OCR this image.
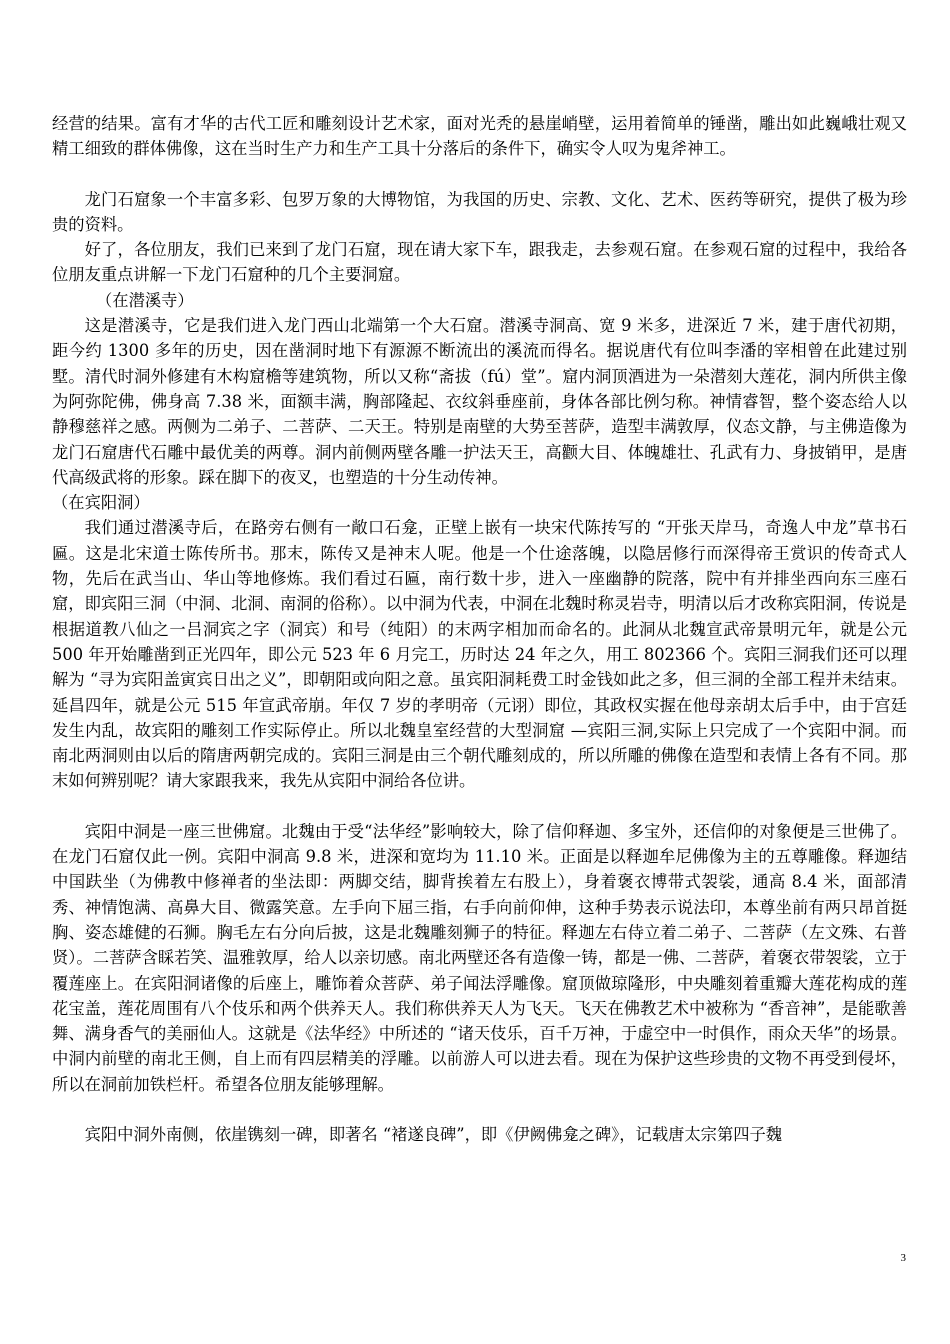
经营的结果。富有才华的古代工匠和雕刻设计艺术家，面对光秃的悬崖峭壁，运用着简单的锤凿，雕出如此巍峨壮观又精工细致的群体佛像，这在当时生产力和生产工具十分落后的条件下，确实令人叹为鬼斧神工。

龙门石窟象一个丰富多彩、包罗万象的大博物馆，为我国的历史、宗教、文化、艺术、医药等研究，提供了极为珍贵的资料。

好了，各位朋友，我们已来到了龙门石窟，现在请大家下车，跟我走，去参观石窟。在参观石窟的过程中，我给各位朋友重点讲解一下龙门石窟种的几个主要洞窟。

（在潜溪寺）

这是潜溪寺，它是我们进入龙门西山北端第一个大石窟。潜溪寺洞高、宽 9 米多，进深近 7 米，建于唐代初期，距今约 1300 多年的历史，因在凿洞时地下有源源不断流出的溪流而得名。据说唐代有位叫李潘的宰相曾在此建过别墅。清代时洞外修建有木构窟檐等建筑物，所以又称“斋拔（fú）堂”。窟内洞顶酒进为一朵潜刻大莲花，洞内所供主像为阿弥陀佛，佛身高 7.38 米，面额丰满，胸部隆起、衣纹斜垂座前，身体各部比例匀称。神情睿智，整个姿态给人以静穆慈祥之感。两侧为二弟子、二菩萨、二天王。特别是南壁的大势至菩萨，造型丰满敦厚，仪态文静，与主佛造像为龙门石窟唐代石雕中最优美的两尊。洞内前侧两壁各雕一护法天王，高颧大目、体魄雄壮、孔武有力、身披销甲，是唐代高级武将的形象。踩在脚下的夜叉，也塑造的十分生动传神。

（在宾阳洞）

我们通过潜溪寺后，在路旁右侧有一敞口石龛，正壁上嵌有一块宋代陈抟写的 “开张天岸马，奇逸人中龙”草书石匾。这是北宋道士陈传所书。那末，陈传又是神末人呢。他是一个仕途落魄，以隐居修行而深得帝王赏识的传奇式人物，先后在武当山、华山等地修炼。我们看过石匾，南行数十步，进入一座幽静的院落，院中有并排坐西向东三座石窟，即宾阳三洞（中洞、北洞、南洞的俗称）。以中洞为代表，中洞在北魏时称灵岩寺，明清以后才改称宾阳洞，传说是根据道教八仙之一吕洞宾之字（洞宾）和号（纯阳）的末两字相加而命名的。此洞从北魏宣武帝景明元年，就是公元 500 年开始雕凿到正光四年，即公元 523 年 6 月完工，历时达 24 年之久，用工 802366 个。宾阳三洞我们还可以理解为 “寻为宾阳盖寅宾日出之义”，即朝阳或向阳之意。虽宾阳洞耗费工时金钱如此之多，但三洞的全部工程并未结束。延昌四年，就是公元 515 年宣武帝崩。年仅 7 岁的孝明帝（元诩）即位，其政权实握在他母亲胡太后手中，由于宫廷发生内乱，故宾阳的雕刻工作实际停止。所以北魏皇室经营的大型洞窟 —宾阳三洞,实际上只完成了一个宾阳中洞。而南北两洞则由以后的隋唐两朝完成的。宾阳三洞是由三个朝代雕刻成的，所以所雕的佛像在造型和表情上各有不同。那末如何辨别呢？请大家跟我来，我先从宾阳中洞给各位讲。

宾阳中洞是一座三世佛窟。北魏由于受“法华经”影响较大，除了信仰释迦、多宝外，还信仰的对象便是三世佛了。在龙门石窟仅此一例。宾阳中洞高 9.8 米，进深和宽均为 11.10 米。正面是以释迦牟尼佛像为主的五尊雕像。释迦结中国趺坐（为佛教中修禅者的坐法即：两脚交结，脚背挨着左右股上），身着褒衣博带式袈裟，通高 8.4 米，面部清秀、神情饱满、高鼻大目、微露笑意。左手向下屈三指，右手向前仰伸，这种手势表示说法印，本尊坐前有两只昂首挺胸、姿态雄健的石狮。胸毛左右分向后披，这是北魏雕刻狮子的特征。释迦左右侍立着二弟子、二菩萨（左文殊、右普贤）。二菩萨含睬若笑、温雅敦厚，给人以亲切感。南北两壁还各有造像一铸，都是一佛、二菩萨，着褒衣带袈裟，立于覆莲座上。在宾阳洞诸像的后座上，雕饰着众菩萨、弟子闻法浮雕像。窟顶做琼隆形，中央雕刻着重瓣大莲花构成的莲花宝盖，莲花周围有八个伎乐和两个供养天人。我们称供养天人为飞天。飞天在佛教艺术中被称为 “香音神”，是能歌善舞、满身香气的美丽仙人。这就是《法华经》中所述的 “诸天伎乐，百千万神，于虚空中一时俱作，雨众天华”的场景。中洞内前壁的南北王侧，自上而有四层精美的浮雕。以前游人可以进去看。现在为保护这些珍贵的文物不再受到侵坏，所以在洞前加铁栏杆。希望各位朋友能够理解。

宾阳中洞外南侧，依崖镌刻一碑，即著名 “褚遂良碑”，即《伊阙佛龛之碑》，记载唐太宗第四子魏

3
